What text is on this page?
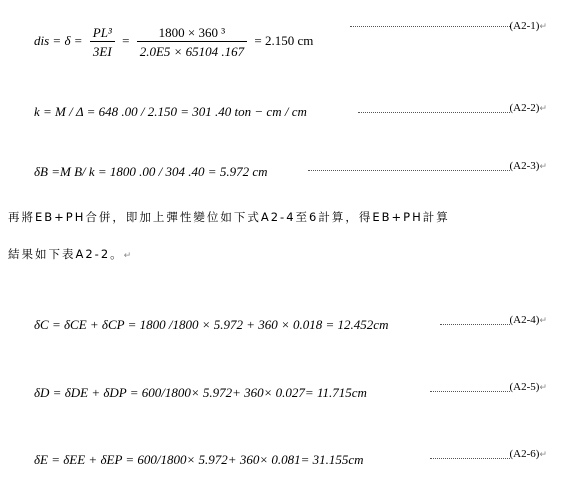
dis = $\delta = \frac{\text{PL³}}{3EI} = \frac{\text{1800 × 360 ³}}{2.0E5 \times 65104 .167} = 2.150$ cm
(A2-1)↵
k = M / Δ = 648 .00 / 2.150 = 301 .40 ton − cm / cm	(A2-2)↵
δB =M B/ k = 1800 .00 / 304 .40 = 5.972 cm	(A2-3)↵
再將EB+PH合併，即加上彈性變位如下式A2-4至6計算，得EB+PH計算
結果如下表A2-2。↵
δC = δCE + δCP = 1800 /1800 × 5.972 + 360 × 0.018 = 12.452cm	(A2-4)↵
δD = δDE + δDP = 600/1800× 5.972+ 360× 0.027= 11.715cm	(A2-5)↵
δE = δEE + δEP = 600/1800× 5.972+ 360× 0.081= 31.155cm	(A2-6)↵
